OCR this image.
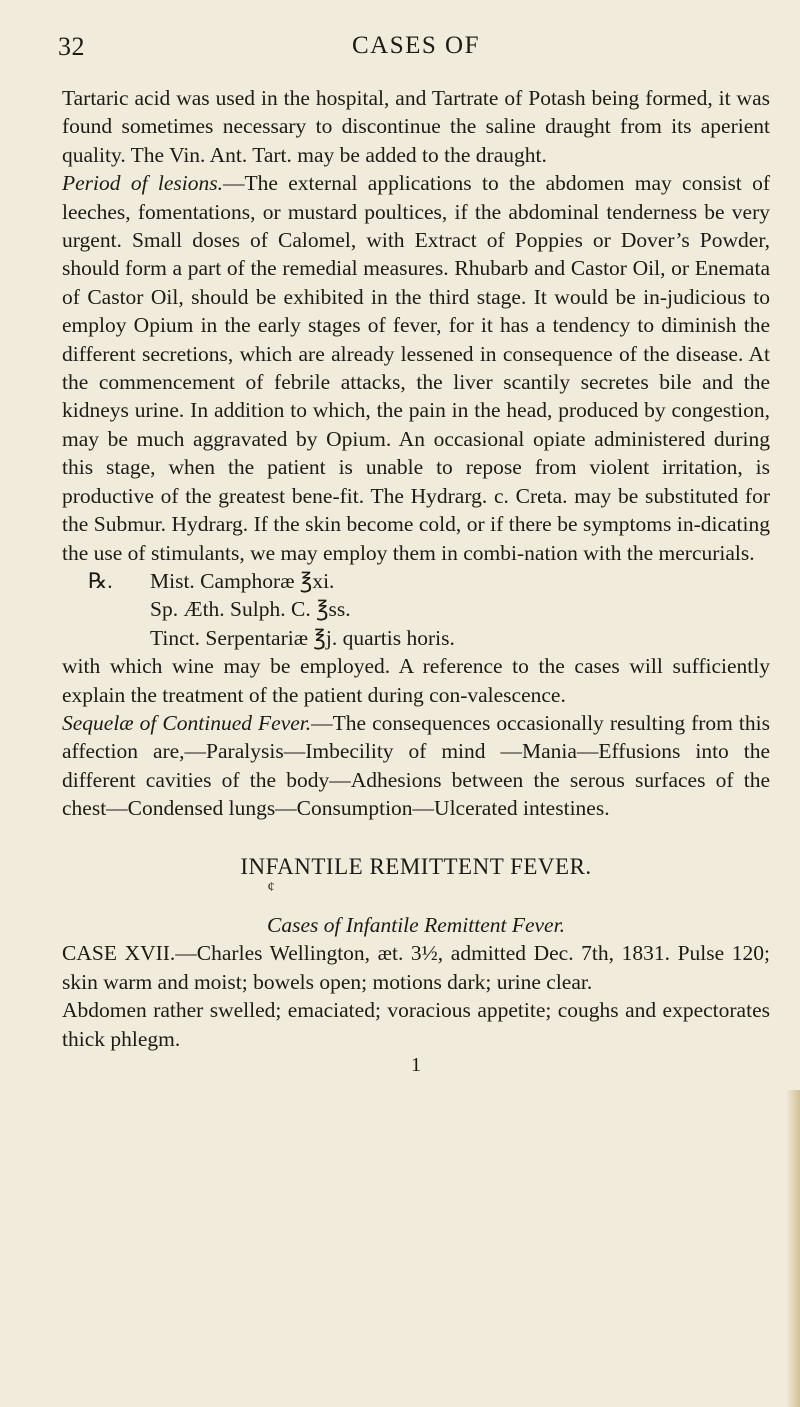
32	CASES OF

Tartaric acid was used in the hospital, and Tartrate of Potash being formed, it was found sometimes necessary to discontinue the saline draught from its aperient quality. The Vin. Ant. Tart. may be added to the draught.

Period of lesions.—The external applications to the abdomen may consist of leeches, fomentations, or mustard poultices, if the abdominal tenderness be very urgent. Small doses of Calomel, with Extract of Poppies or Dover’s Powder, should form a part of the remedial measures. Rhubarb and Castor Oil, or Enemata of Castor Oil, should be exhibited in the third stage. It would be in-judicious to employ Opium in the early stages of fever, for it has a tendency to diminish the different secretions, which are already lessened in consequence of the disease. At the commencement of febrile attacks, the liver scantily secretes bile and the kidneys urine. In addition to which, the pain in the head, produced by congestion, may be much aggravated by Opium. An occasional opiate administered during this stage, when the patient is unable to repose from violent irritation, is productive of the greatest bene-fit. The Hydrarg. c. Creta. may be substituted for the Submur. Hydrarg. If the skin become cold, or if there be symptoms in-dicating the use of stimulants, we may employ them in combi-nation with the mercurials.

℞. Mist. Camphoræ ℥xi.

Sp. Æth. Sulph. C. ℥ss.

Tinct. Serpentariæ ℥j. quartis horis.

with which wine may be employed. A reference to the cases will sufficiently explain the treatment of the patient during con-valescence.

Sequelæ of Continued Fever.—The consequences occasionally resulting from this affection are,—Paralysis—Imbecility of mind —Mania—Effusions into the different cavities of the body—Adhesions between the serous surfaces of the chest—Condensed lungs—Consumption—Ulcerated intestines.

INFANTILE REMITTENT FEVER.
¢
Cases of Infantile Remittent Fever.

CASE XVII.—Charles Wellington, æt. 3½, admitted Dec. 7th, 1831. Pulse 120; skin warm and moist; bowels open; motions dark; urine clear.

Abdomen rather swelled; emaciated; voracious appetite; coughs and expectorates thick phlegm.

1
